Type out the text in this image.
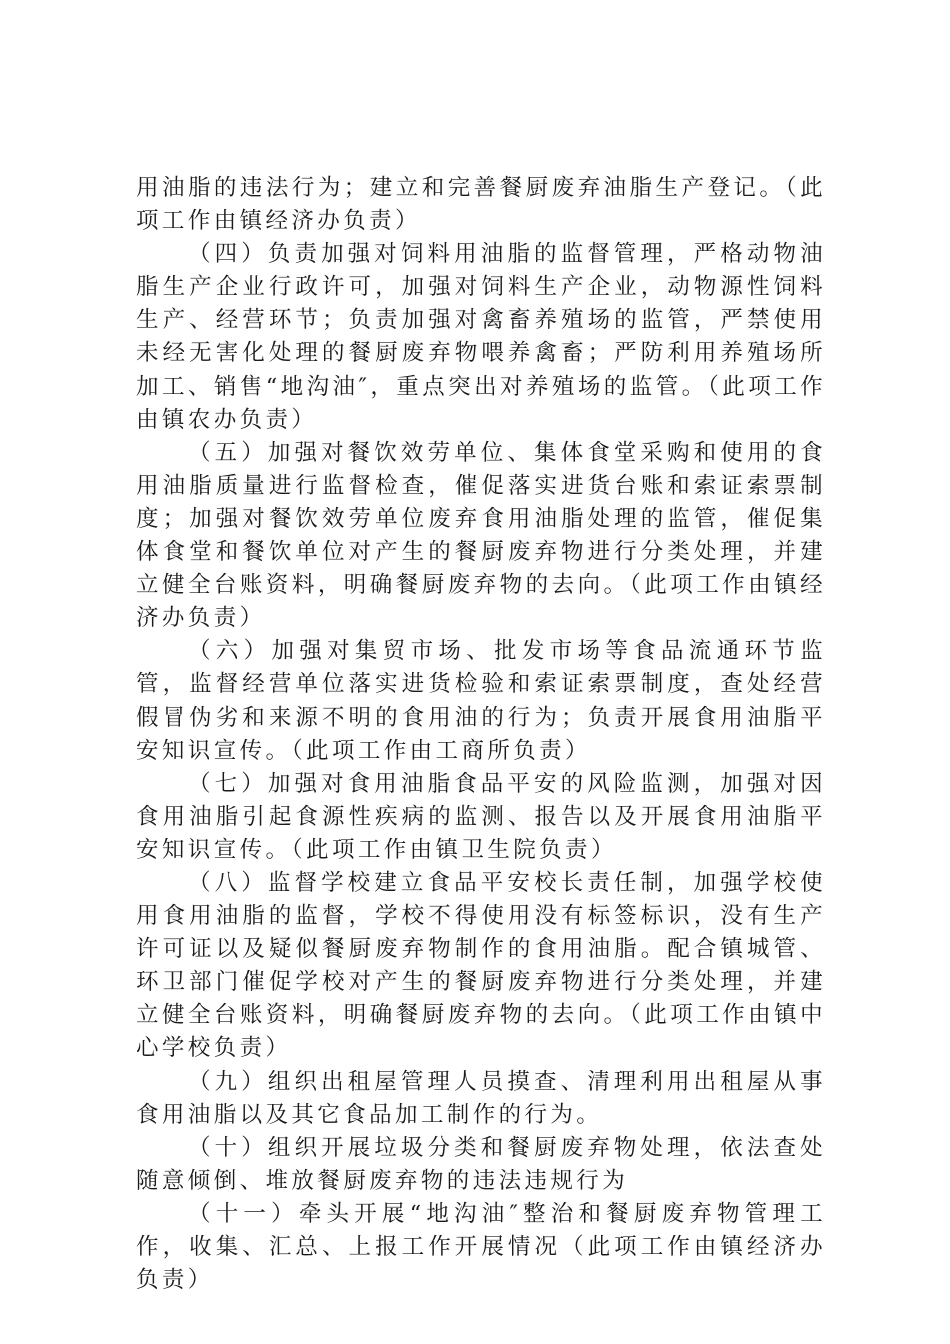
用油脂的违法行为；建立和完善餐厨废弃油脂生产登记。（此项工作由镇经济办负责）

（四）负责加强对饲料用油脂的监督管理，严格动物油脂生产企业行政许可，加强对饲料生产企业，动物源性饲料生产、经营环节；负责加强对禽畜养殖场的监管，严禁使用未经无害化处理的餐厨废弃物喂养禽畜；严防利用养殖场所加工、销售“地沟油″，重点突出对养殖场的监管。（此项工作由镇农办负责）

（五）加强对餐饮效劳单位、集体食堂采购和使用的食用油脂质量进行监督检查，催促落实进货台账和索证索票制度；加强对餐饮效劳单位废弃食用油脂处理的监管，催促集体食堂和餐饮单位对产生的餐厨废弃物进行分类处理，并建立健全台账资料，明确餐厨废弃物的去向。（此项工作由镇经济办负责）

（六）加强对集贸市场、批发市场等食品流通环节监管，监督经营单位落实进货检验和索证索票制度，查处经营假冒伪劣和来源不明的食用油的行为；负责开展食用油脂平安知识宣传。（此项工作由工商所负责）

（七）加强对食用油脂食品平安的风险监测，加强对因食用油脂引起食源性疾病的监测、报告以及开展食用油脂平安知识宣传。（此项工作由镇卫生院负责）

（八）监督学校建立食品平安校长责任制，加强学校使用食用油脂的监督，学校不得使用没有标签标识，没有生产许可证以及疑似餐厨废弃物制作的食用油脂。配合镇城管、环卫部门催促学校对产生的餐厨废弃物进行分类处理，并建立健全台账资料，明确餐厨废弃物的去向。（此项工作由镇中心学校负责）

（九）组织出租屋管理人员摸查、清理利用出租屋从事食用油脂以及其它食品加工制作的行为。

（十）组织开展垃圾分类和餐厨废弃物处理，依法查处随意倾倒、堆放餐厨废弃物的违法违规行为

（十一）牵头开展“地沟油″整治和餐厨废弃物管理工作，收集、汇总、上报工作开展情况（此项工作由镇经济办负责）
